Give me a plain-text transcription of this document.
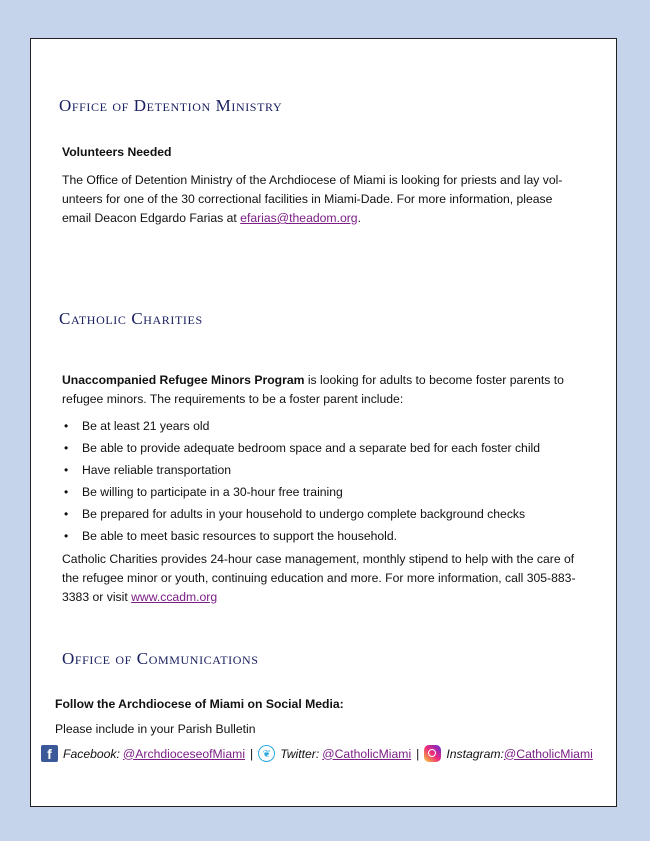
Office of Detention Ministry
Volunteers Needed

The Office of Detention Ministry of the Archdiocese of Miami is looking for priests and lay volunteers for one of the 30 correctional facilities in Miami-Dade. For more information, please email Deacon Edgardo Farias at efarias@theadom.org.

Catholic Charities

Unaccompanied Refugee Minors Program is looking for adults to become foster parents to refugee minors. The requirements to be a foster parent include:

• Be at least 21 years old
• Be able to provide adequate bedroom space and a separate bed for each foster child
• Have reliable transportation
• Be willing to participate in a 30-hour free training
• Be prepared for adults in your household to undergo complete background checks
• Be able to meet basic resources to support the household.

Catholic Charities provides 24-hour case management, monthly stipend to help with the care of the refugee minor or youth, continuing education and more. For more information, call 305-883-3383 or visit www.ccadm.org

Office of Communications
Follow the Archdiocese of Miami on Social Media:
Please include in your Parish Bulletin
f Facebook: @ArchdioceseofMiami | ❦ Twitter: @CatholicMiami | Instagram: @CatholicMiami
